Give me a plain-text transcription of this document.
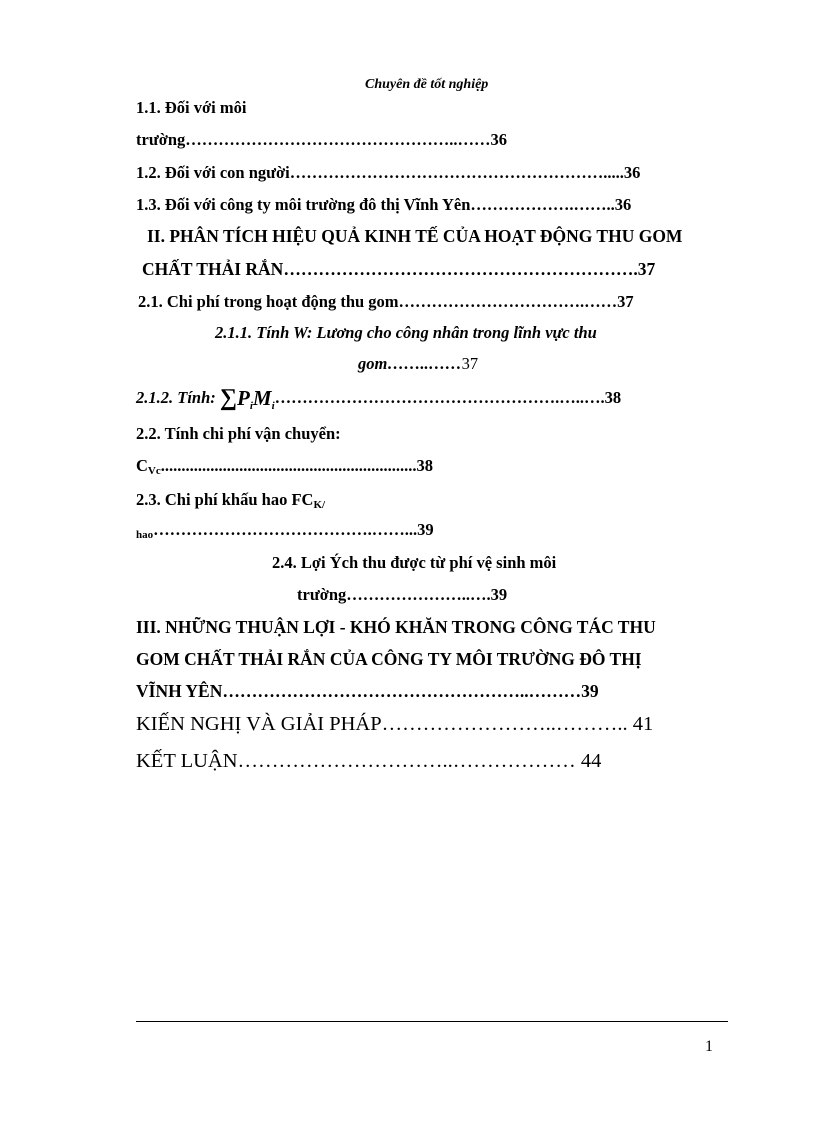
Chuyên đề tốt nghiệp
1.1. Đối với môi
trường…………………………………………..……36
1.2. Đối với con người………………………………………………….....36
1.3. Đối với công ty môi trường đô thị Vĩnh Yên……………….……..36
II. PHÂN TÍCH HIỆU QUẢ KINH TẾ CỦA HOẠT ĐỘNG THU GOM
CHẤT THẢI RẮN…………………………………………………….37
2.1. Chi phí trong hoạt động thu gom…………………………….……37
2.1.1. Tính W: Lương cho công nhân trong lĩnh vực thu
gom……..……37
2.1.2. Tính: $\sum P_iM_i\dots\dots\dots\dots\dots\dots\dots\dots\dots\dots\dots\dots\dots\dots\dots\dots\dots.\dots..\dots.38$
2.2. Tính chi phí vận chuyển:
CVc..............................................................38
2.3. Chi phí khấu hao FCK/
hao………………………………….……...39
2.4. Lợi Ých thu được từ phí vệ sinh môi
trường…………………..….39
III. NHỮNG THUẬN LỢI - KHÓ KHĂN TRONG CÔNG TÁC THU
GOM CHẤT THẢI RẮN CỦA CÔNG TY MÔI TRƯỜNG ĐÔ THỊ
VĨNH YÊN……………………………………………..………39
KIẾN NGHỊ VÀ GIẢI PHÁP……………………..……….. 41
KẾT LUẬN…………………………..……………… 44
1
